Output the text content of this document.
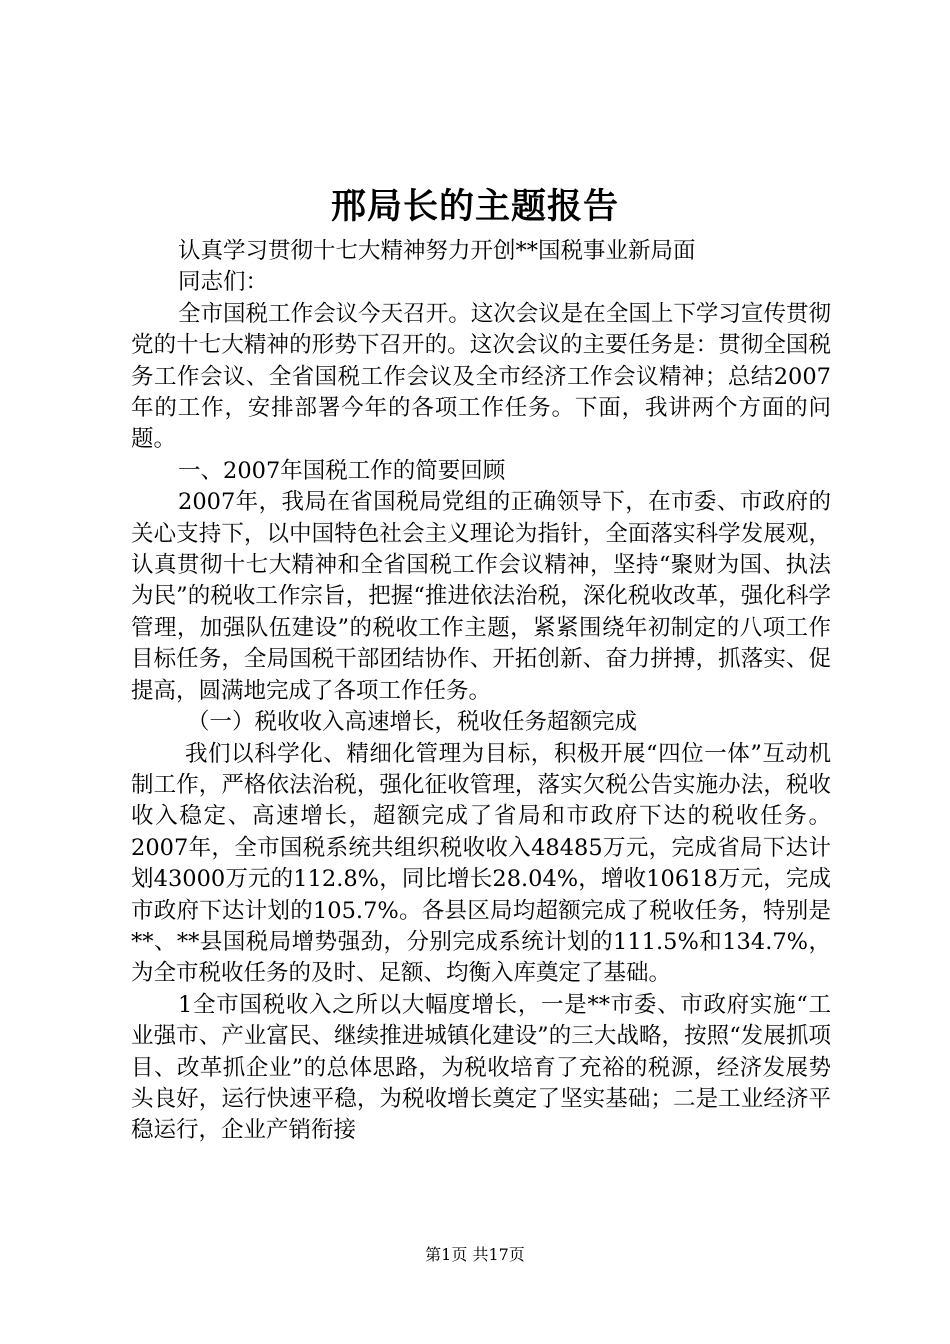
邢局长的主题报告

认真学习贯彻十七大精神努力开创**国税事业新局面

同志们：

全市国税工作会议今天召开。这次会议是在全国上下学习宣传贯彻党的十七大精神的形势下召开的。这次会议的主要任务是：贯彻全国税务工作会议、全省国税工作会议及全市经济工作会议精神；总结2007年的工作，安排部署今年的各项工作任务。下面，我讲两个方面的问题。

一、2007年国税工作的简要回顾

2007年，我局在省国税局党组的正确领导下，在市委、市政府的关心支持下，以中国特色社会主义理论为指针，全面落实科学发展观，认真贯彻十七大精神和全省国税工作会议精神，坚持“聚财为国、执法为民”的税收工作宗旨，把握“推进依法治税，深化税收改革，强化科学管理，加强队伍建设”的税收工作主题，紧紧围绕年初制定的八项工作目标任务，全局国税干部团结协作、开拓创新、奋力拼搏，抓落实、促提高，圆满地完成了各项工作任务。

（一）税收收入高速增长，税收任务超额完成

我们以科学化、精细化管理为目标，积极开展“四位一体”互动机制工作，严格依法治税，强化征收管理，落实欠税公告实施办法，税收收入稳定、高速增长，超额完成了省局和市政府下达的税收任务。2007年，全市国税系统共组织税收收入48485万元，完成省局下达计划43000万元的112.8%，同比增长28.04%，增收10618万元，完成市政府下达计划的105.7%。各县区局均超额完成了税收任务，特别是**、**县国税局增势强劲，分别完成系统计划的111.5%和134.7%，为全市税收任务的及时、足额、均衡入库奠定了基础。

1全市国税收入之所以大幅度增长，一是**市委、市政府实施“工业强市、产业富民、继续推进城镇化建设”的三大战略，按照“发展抓项目、改革抓企业”的总体思路，为税收培育了充裕的税源，经济发展势头良好，运行快速平稳，为税收增长奠定了坚实基础；二是工业经济平稳运行，企业产销衔接

第1页 共17页
